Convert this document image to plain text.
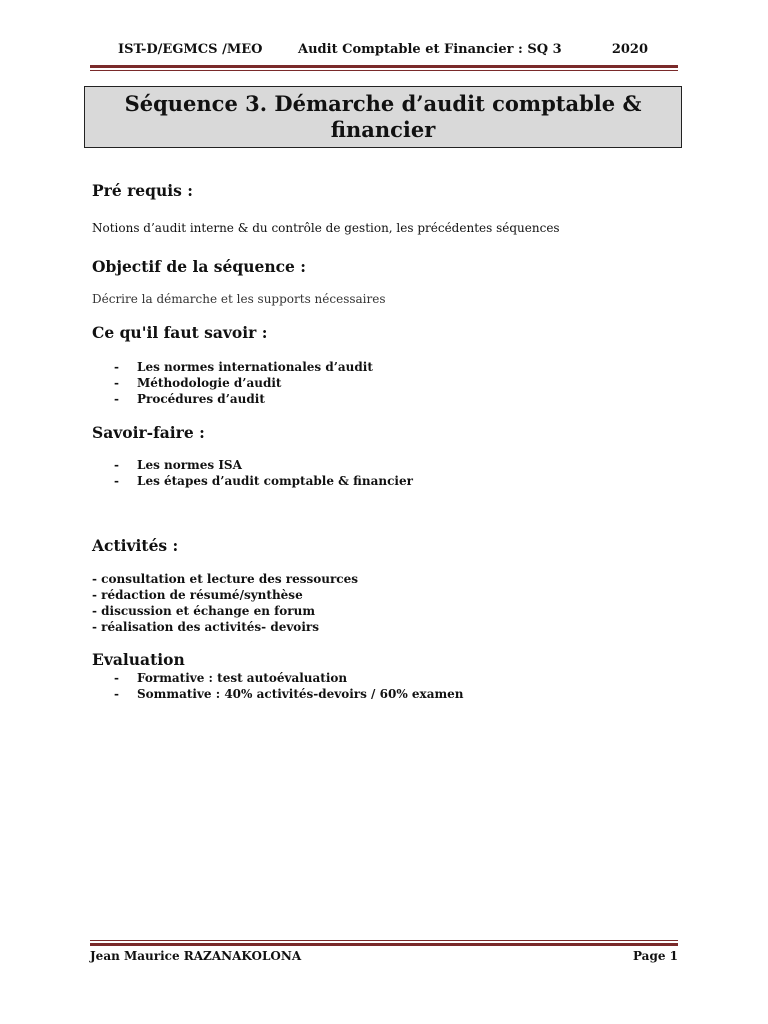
IST-D/EGMCS /MEO	Audit Comptable et Financier : SQ 3	2020
Séquence 3. Démarche d’audit comptable & financier
Pré requis :

Notions d’audit interne & du contrôle de gestion, les précédentes séquences

Objectif de la séquence :

Décrire la démarche et les supports nécessaires

Ce qu'il faut savoir :
- Les normes internationales d’audit
- Méthodologie d’audit
- Procédures d’audit
Savoir-faire :
- Les normes ISA
- Les étapes d’audit comptable & financier
Activités :
- consultation et lecture des ressources
- rédaction de résumé/synthèse
- discussion et échange en forum
- réalisation des activités- devoirs
Evaluation
- Formative : test autoévaluation
- Sommative : 40% activités-devoirs / 60% examen
Jean Maurice RAZANAKOLONA	Page 1
